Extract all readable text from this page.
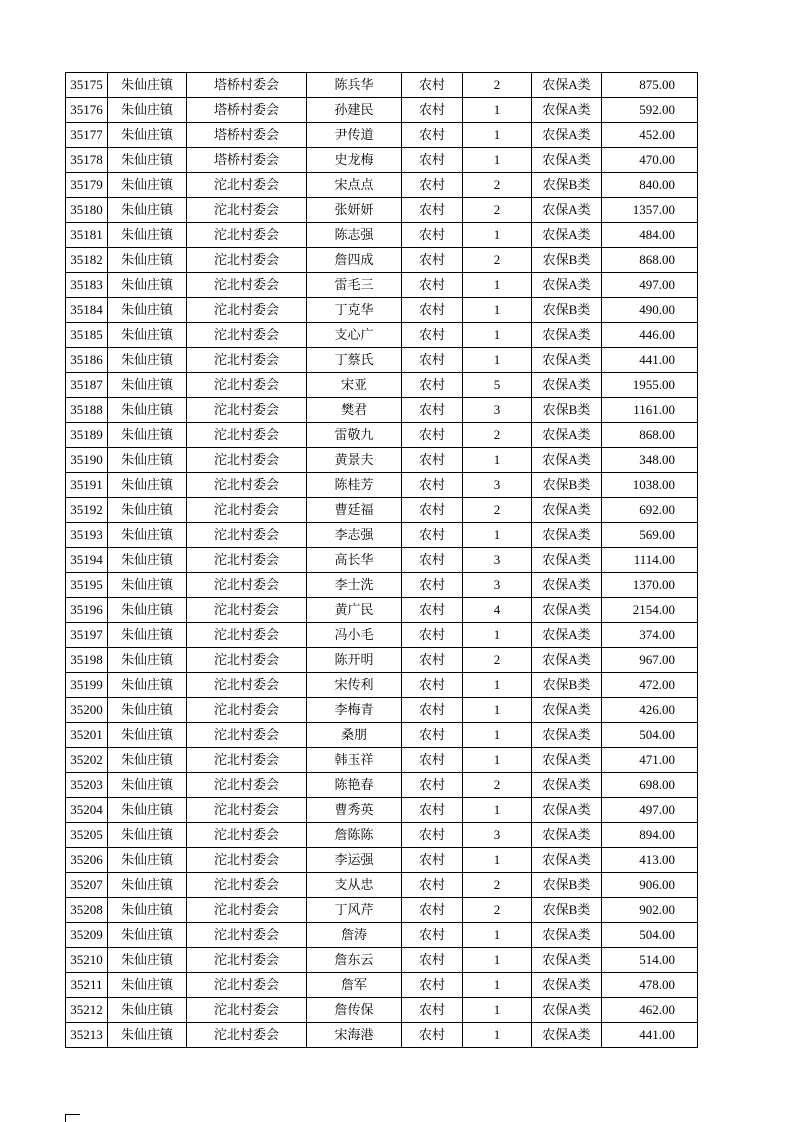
35175	朱仙庄镇	塔桥村委会	陈兵华	农村	2	农保A类	875.00
35176	朱仙庄镇	塔桥村委会	孙建民	农村	1	农保A类	592.00
35177	朱仙庄镇	塔桥村委会	尹传道	农村	1	农保A类	452.00
35178	朱仙庄镇	塔桥村委会	史龙梅	农村	1	农保A类	470.00
35179	朱仙庄镇	沱北村委会	宋点点	农村	2	农保B类	840.00
35180	朱仙庄镇	沱北村委会	张妍妍	农村	2	农保A类	1357.00
35181	朱仙庄镇	沱北村委会	陈志强	农村	1	农保A类	484.00
35182	朱仙庄镇	沱北村委会	詹四成	农村	2	农保B类	868.00
35183	朱仙庄镇	沱北村委会	雷毛三	农村	1	农保A类	497.00
35184	朱仙庄镇	沱北村委会	丁克华	农村	1	农保B类	490.00
35185	朱仙庄镇	沱北村委会	支心广	农村	1	农保A类	446.00
35186	朱仙庄镇	沱北村委会	丁蔡氏	农村	1	农保A类	441.00
35187	朱仙庄镇	沱北村委会	宋亚	农村	5	农保A类	1955.00
35188	朱仙庄镇	沱北村委会	樊君	农村	3	农保B类	1161.00
35189	朱仙庄镇	沱北村委会	雷敬九	农村	2	农保A类	868.00
35190	朱仙庄镇	沱北村委会	黄景夫	农村	1	农保A类	348.00
35191	朱仙庄镇	沱北村委会	陈桂芳	农村	3	农保B类	1038.00
35192	朱仙庄镇	沱北村委会	曹廷福	农村	2	农保A类	692.00
35193	朱仙庄镇	沱北村委会	李志强	农村	1	农保A类	569.00
35194	朱仙庄镇	沱北村委会	高长华	农村	3	农保A类	1114.00
35195	朱仙庄镇	沱北村委会	李士洗	农村	3	农保A类	1370.00
35196	朱仙庄镇	沱北村委会	黄广民	农村	4	农保A类	2154.00
35197	朱仙庄镇	沱北村委会	冯小毛	农村	1	农保A类	374.00
35198	朱仙庄镇	沱北村委会	陈开明	农村	2	农保A类	967.00
35199	朱仙庄镇	沱北村委会	宋传利	农村	1	农保B类	472.00
35200	朱仙庄镇	沱北村委会	李梅青	农村	1	农保A类	426.00
35201	朱仙庄镇	沱北村委会	桑朋	农村	1	农保A类	504.00
35202	朱仙庄镇	沱北村委会	韩玉祥	农村	1	农保A类	471.00
35203	朱仙庄镇	沱北村委会	陈艳春	农村	2	农保A类	698.00
35204	朱仙庄镇	沱北村委会	曹秀英	农村	1	农保A类	497.00
35205	朱仙庄镇	沱北村委会	詹陈陈	农村	3	农保A类	894.00
35206	朱仙庄镇	沱北村委会	李运强	农村	1	农保A类	413.00
35207	朱仙庄镇	沱北村委会	支从忠	农村	2	农保B类	906.00
35208	朱仙庄镇	沱北村委会	丁风芹	农村	2	农保B类	902.00
35209	朱仙庄镇	沱北村委会	詹涛	农村	1	农保A类	504.00
35210	朱仙庄镇	沱北村委会	詹东云	农村	1	农保A类	514.00
35211	朱仙庄镇	沱北村委会	詹军	农村	1	农保A类	478.00
35212	朱仙庄镇	沱北村委会	詹传保	农村	1	农保A类	462.00
35213	朱仙庄镇	沱北村委会	宋海港	农村	1	农保A类	441.00
